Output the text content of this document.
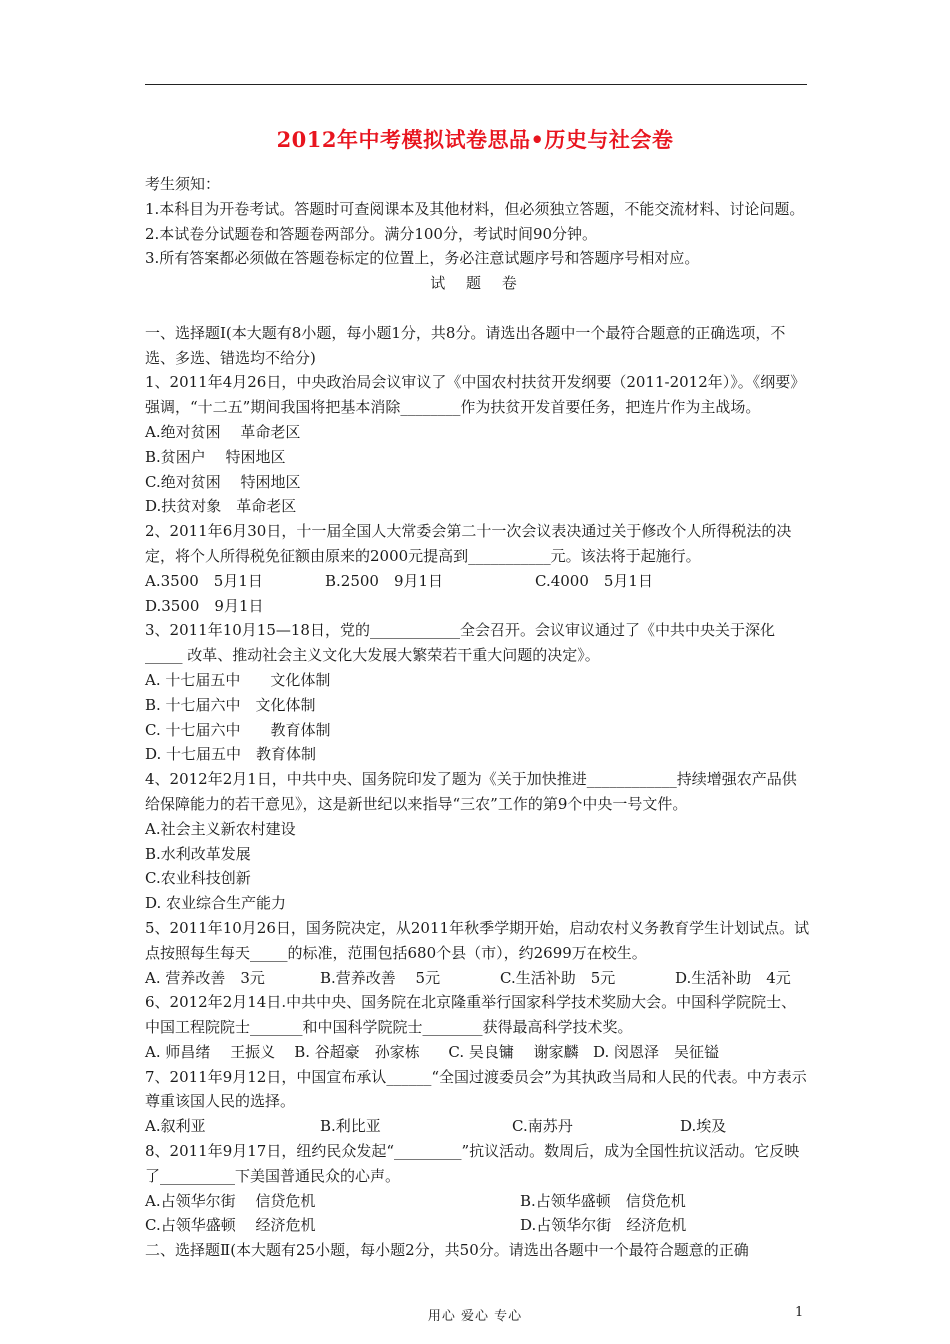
2012年中考模拟试卷思品•历史与社会卷

考生须知：

1.本科目为开卷考试。答题时可查阅课本及其他材料，但必须独立答题，不能交流材料、讨论问题。

2.本试卷分试题卷和答题卷两部分。满分100分，考试时间90分钟。

3.所有答案都必须做在答题卷标定的位置上，务必注意试题序号和答题序号相对应。

试 题 卷

一、选择题Ⅰ(本大题有8小题，每小题1分，共8分。请选出各题中一个最符合题意的正确选项，不选、多选、错选均不给分)

1、2011年4月26日，中央政治局会议审议了《中国农村扶贫开发纲要（2011-2012年）》。《纲要》强调，“十二五”期间我国将把基本消除________作为扶贫开发首要任务，把连片作为主战场。

A.绝对贫困　 革命老区
B.贫困户　 特困地区
C.绝对贫困　 特困地区
D.扶贫对象　革命老区

2、2011年6月30日，十一届全国人大常委会第二十一次会议表决通过关于修改个人所得税法的决定，将个人所得税免征额由原来的2000元提高到___________元。该法将于起施行。

A.3500　5月1日	B.2500　9月1日	C.4000　5月1日
D.3500　9月1日

3、2011年10月15—18日，党的____________全会召开。会议审议通过了《中共中央关于深化_____ 改革、推动社会主义文化大发展大繁荣若干重大问题的决定》。

A. 十七届五中　　文化体制
B. 十七届六中　文化体制
C. 十七届六中　　教育体制
D. 十七届五中　教育体制

4、2012年2月1日，中共中央、国务院印发了题为《关于加快推进____________持续增强农产品供给保障能力的若干意见》，这是新世纪以来指导“三农”工作的第9个中央一号文件。

A.社会主义新农村建设
B.水利改革发展
C.农业科技创新
D. 农业综合生产能力

5、2011年10月26日，国务院决定，从2011年秋季学期开始，启动农村义务教育学生计划试点。试点按照每生每天_____的标准，范围包括680个县（市），约2699万在校生。

A. 营养改善　3元	B.营养改善　 5元	C.生活补助　5元	D.生活补助　4元

6、2012年2月14日.中共中央、国务院在北京隆重举行国家科学技术奖励大会。中国科学院院士、中国工程院院士_______和中国科学院院士________获得最高科学技术奖。

A. 师昌绪　 王振义 B. 谷超豪　孙家栋 C. 吴良镛　 谢家麟 D. 闵恩泽　吴征镒

7、2011年9月12日，中国宣布承认______“全国过渡委员会”为其执政当局和人民的代表。中方表示尊重该国人民的选择。

A.叙利亚	B.利比亚	C.南苏丹	D.埃及

8、2011年9月17日，纽约民众发起“_________”抗议活动。数周后，成为全国性抗议活动。它反映了__________下美国普通民众的心声。

A.占领华尔街　 信贷危机	B.占领华盛顿　信贷危机
C.占领华盛顿　 经济危机	D.占领华尔街　经济危机

二、选择题Ⅱ(本大题有25小题，每小题2分，共50分。请选出各题中一个最符合题意的正确

用心 爱心 专心	1
